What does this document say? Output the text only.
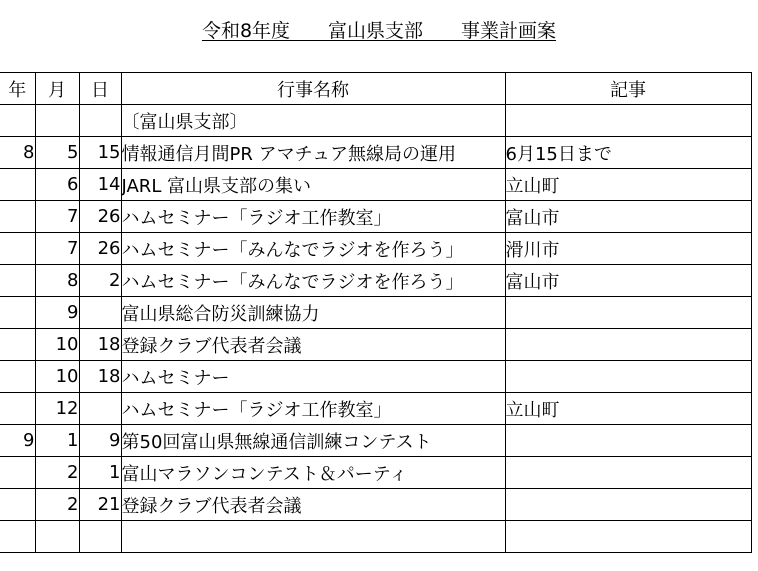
令和8年度　　富山県支部　　事業計画案
年	月	日	行事名称	記事
			〔富山県支部〕	
8	5	15	情報通信月間PR アマチュア無線局の運用	6月15日まで
	6	14	JARL 富山県支部の集い	立山町
	7	26	ハムセミナー「ラジオ工作教室」	富山市
	7	26	ハムセミナー「みんなでラジオを作ろう」	滑川市
	8	2	ハムセミナー「みんなでラジオを作ろう」	富山市
	9		富山県総合防災訓練協力	
	10	18	登録クラブ代表者会議	
	10	18	ハムセミナー	
	12		ハムセミナー「ラジオ工作教室」	立山町
9	1	9	第50回富山県無線通信訓練コンテスト	
	2	1	富山マラソンコンテスト＆パーティ	
	2	21	登録クラブ代表者会議	
